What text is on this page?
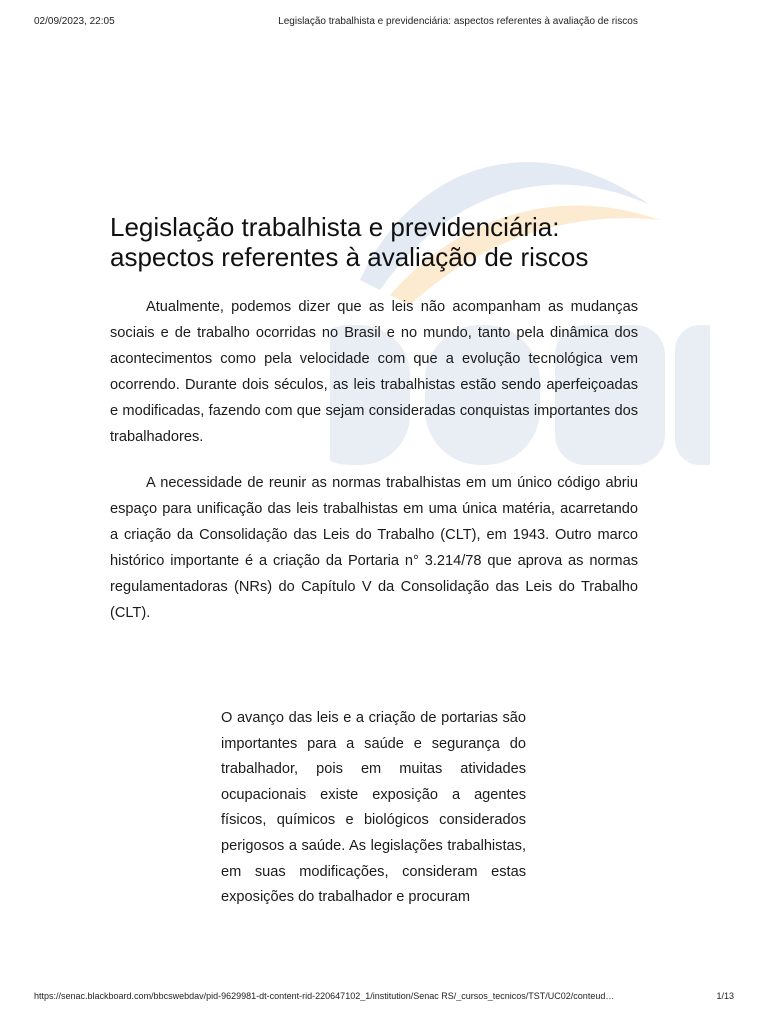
02/09/2023, 22:05	Legislação trabalhista e previdenciária: aspectos referentes à avaliação de riscos
Legislação trabalhista e previdenciária: aspectos referentes à avaliação de riscos

Atualmente, podemos dizer que as leis não acompanham as mudanças sociais e de trabalho ocorridas no Brasil e no mundo, tanto pela dinâmica dos acontecimentos como pela velocidade com que a evolução tecnológica vem ocorrendo. Durante dois séculos, as leis trabalhistas estão sendo aperfeiçoadas e modificadas, fazendo com que sejam consideradas conquistas importantes dos trabalhadores.

A necessidade de reunir as normas trabalhistas em um único código abriu espaço para unificação das leis trabalhistas em uma única matéria, acarretando a criação da Consolidação das Leis do Trabalho (CLT), em 1943. Outro marco histórico importante é a criação da Portaria n° 3.214/78 que aprova as normas regulamentadoras (NRs) do Capítulo V da Consolidação das Leis do Trabalho (CLT).

O avanço das leis e a criação de portarias são importantes para a saúde e segurança do trabalhador, pois em muitas atividades ocupacionais existe exposição a agentes físicos, químicos e biológicos considerados perigosos a saúde. As legislações trabalhistas, em suas modificações, consideram estas exposições do trabalhador e procuram
https://senac.blackboard.com/bbcswebdav/pid-9629981-dt-content-rid-220647102_1/institution/Senac RS/_cursos_tecnicos/TST/UC02/conteud…	1/13
